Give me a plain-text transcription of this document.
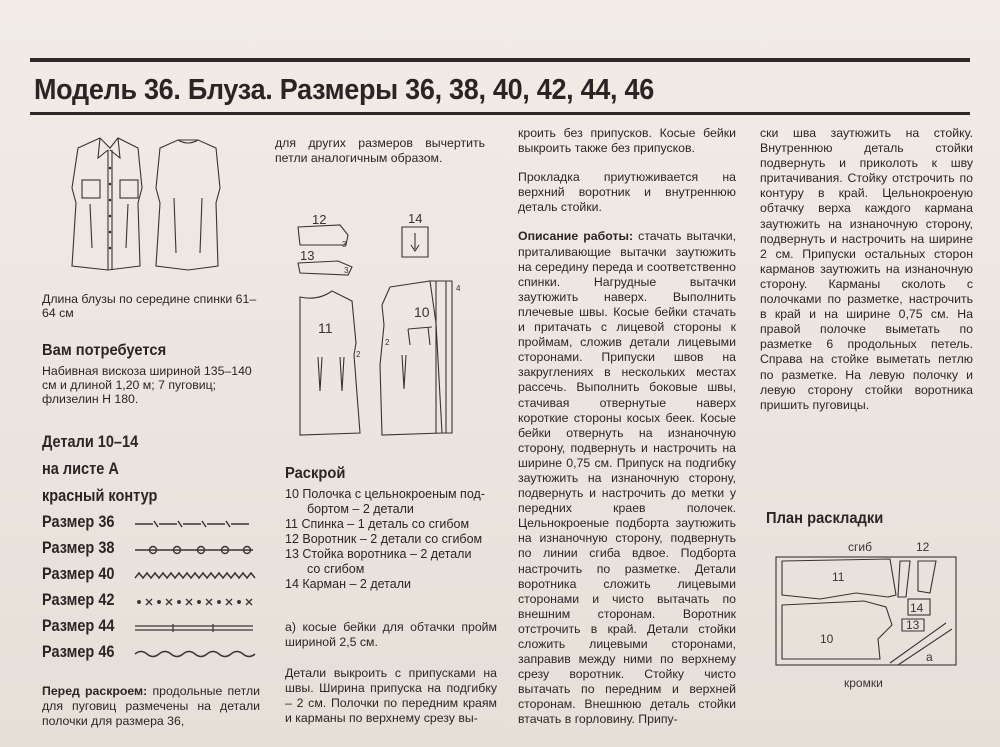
Модель 36. Блуза. Размеры 36, 38, 40, 42, 44, 46
Длина блузы по середине спинки 61–64 см
Вам потребуется
Набивная вискоза шириной 135–140 см и длиной 1,20 м; 7 пуговиц; флизелин Н 180.
Детали 10–14
на листе А
красный контур
Размер 36
Размер 38
Размер 40
Размер 42
Размер 44
Размер 46
Перед раскроем: продольные петли для пуговиц размечены на детали полочки для размера 36,
для других размеров вычертить петли аналогичным образом.
12
13
14
11
10
3
3
2
2
4
Раскрой
10 Полочка с цельнокроеным под-
бортом – 2 детали
11 Спинка – 1 деталь со сгибом
12 Воротник – 2 детали со сгибом
13 Стойка воротника – 2 детали
со сгибом
14 Карман – 2 детали
а) косые бейки для обтачки пройм шириной 2,5 см.
Детали выкроить с припусками на швы. Ширина припуска на подгибку – 2 см. Полочки по передним краям и карманы по верхнему срезу вы-

кроить без припусков. Косые бейки выкроить также без припусков.

Прокладка приутюживается на верхний воротник и внутреннюю деталь стойки.

Описание работы: стачать вытачки, приталивающие вытачки заутюжить на середину переда и соответственно спинки. Нагрудные вытачки заутюжить наверх. Выполнить плечевые швы. Косые бейки стачать и притачать с лицевой стороны к проймам, сложив детали лицевыми сторонами. Припуски швов на закруглениях в нескольких местах рассечь. Выполнить боковые швы, стачивая отвернутые наверх короткие стороны косых беек. Косые бейки отвернуть на изнаночную сторону, подвернуть и настрочить на ширине 0,75 см. Припуск на подгибку заутюжить на изнаночную сторону, подвернуть и настрочить до метки у передних краев полочек. Цельнокроеные подборта заутюжить на изнаночную сторону, подвернуть по линии сгиба вдвое. Подборта настрочить по разметке. Детали воротника сложить лицевыми сторонами и чисто вытачать по внешним сторонам. Воротник отстрочить в край. Детали стойки сложить лицевыми сторонами, заправив между ними по верхнему срезу воротник. Стойку чисто вытачать по передним и верхней сторонам. Внешнюю деталь стойки втачать в горловину. Припу-

ски шва заутюжить на стойку. Внутреннюю деталь стойки подвернуть и приколоть к шву притачивания. Стойку отстрочить по контуру в край. Цельнокроеную обтачку верха каждого кармана заутюжить на изнаночную сторону, подвернуть и настрочить на ширине 2 см. Припуски остальных сторон карманов заутюжить на изнаночную сторону. Карманы сколоть с полочками по разметке, настрочить в край и на ширине 0,75 см. На правой полочке выметать по разметке 6 продольных петель. Справа на стойке выметать петлю по разметке. На левую полочку и левую сторону стойки воротника пришить пуговицы.
План раскладки
сгиб	12
11
10
14
13
а
кромки
